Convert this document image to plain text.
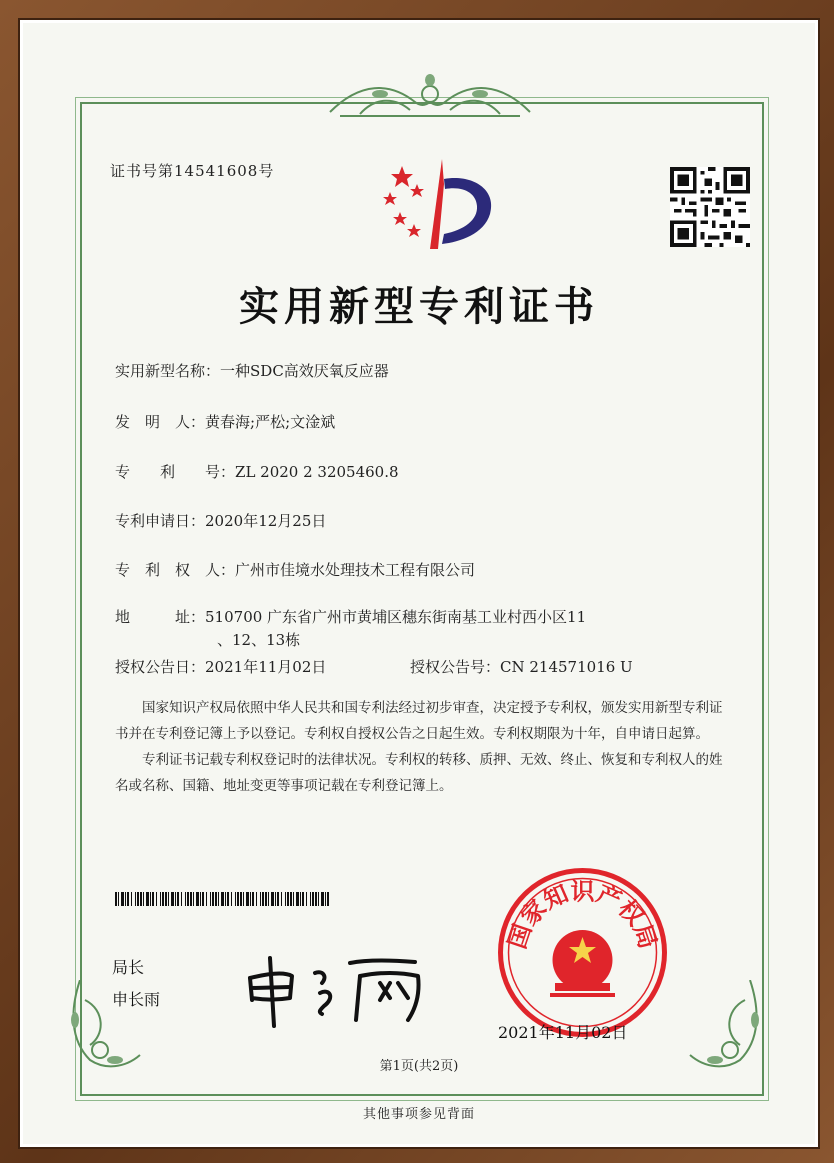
证书号第14541608号
实用新型专利证书
实用新型名称：一种SDC高效厌氧反应器
发　明　人：黄春海;严松;文淦斌
专　　利　　号：ZL 2020 2 3205460.8
专利申请日：2020年12月25日
专　利　权　人：广州市佳境水处理技术工程有限公司
地　　　址：510700 广东省广州市黄埔区穗东街南基工业村西小区11
、12、13栋
授权公告日：2021年11月02日	授权公告号：CN 214571016 U

国家知识产权局依照中华人民共和国专利法经过初步审查，决定授予专利权，颁发实用新型专利证书并在专利登记簿上予以登记。专利权自授权公告之日起生效。专利权期限为十年，自申请日起算。

专利证书记载专利权登记时的法律状况。专利权的转移、质押、无效、终止、恢复和专利权人的姓名或名称、国籍、地址变更等事项记载在专利登记簿上。

局长
申长雨
国家知识产权局
2021年11月02日
第1页(共2页)
其他事项参见背面
